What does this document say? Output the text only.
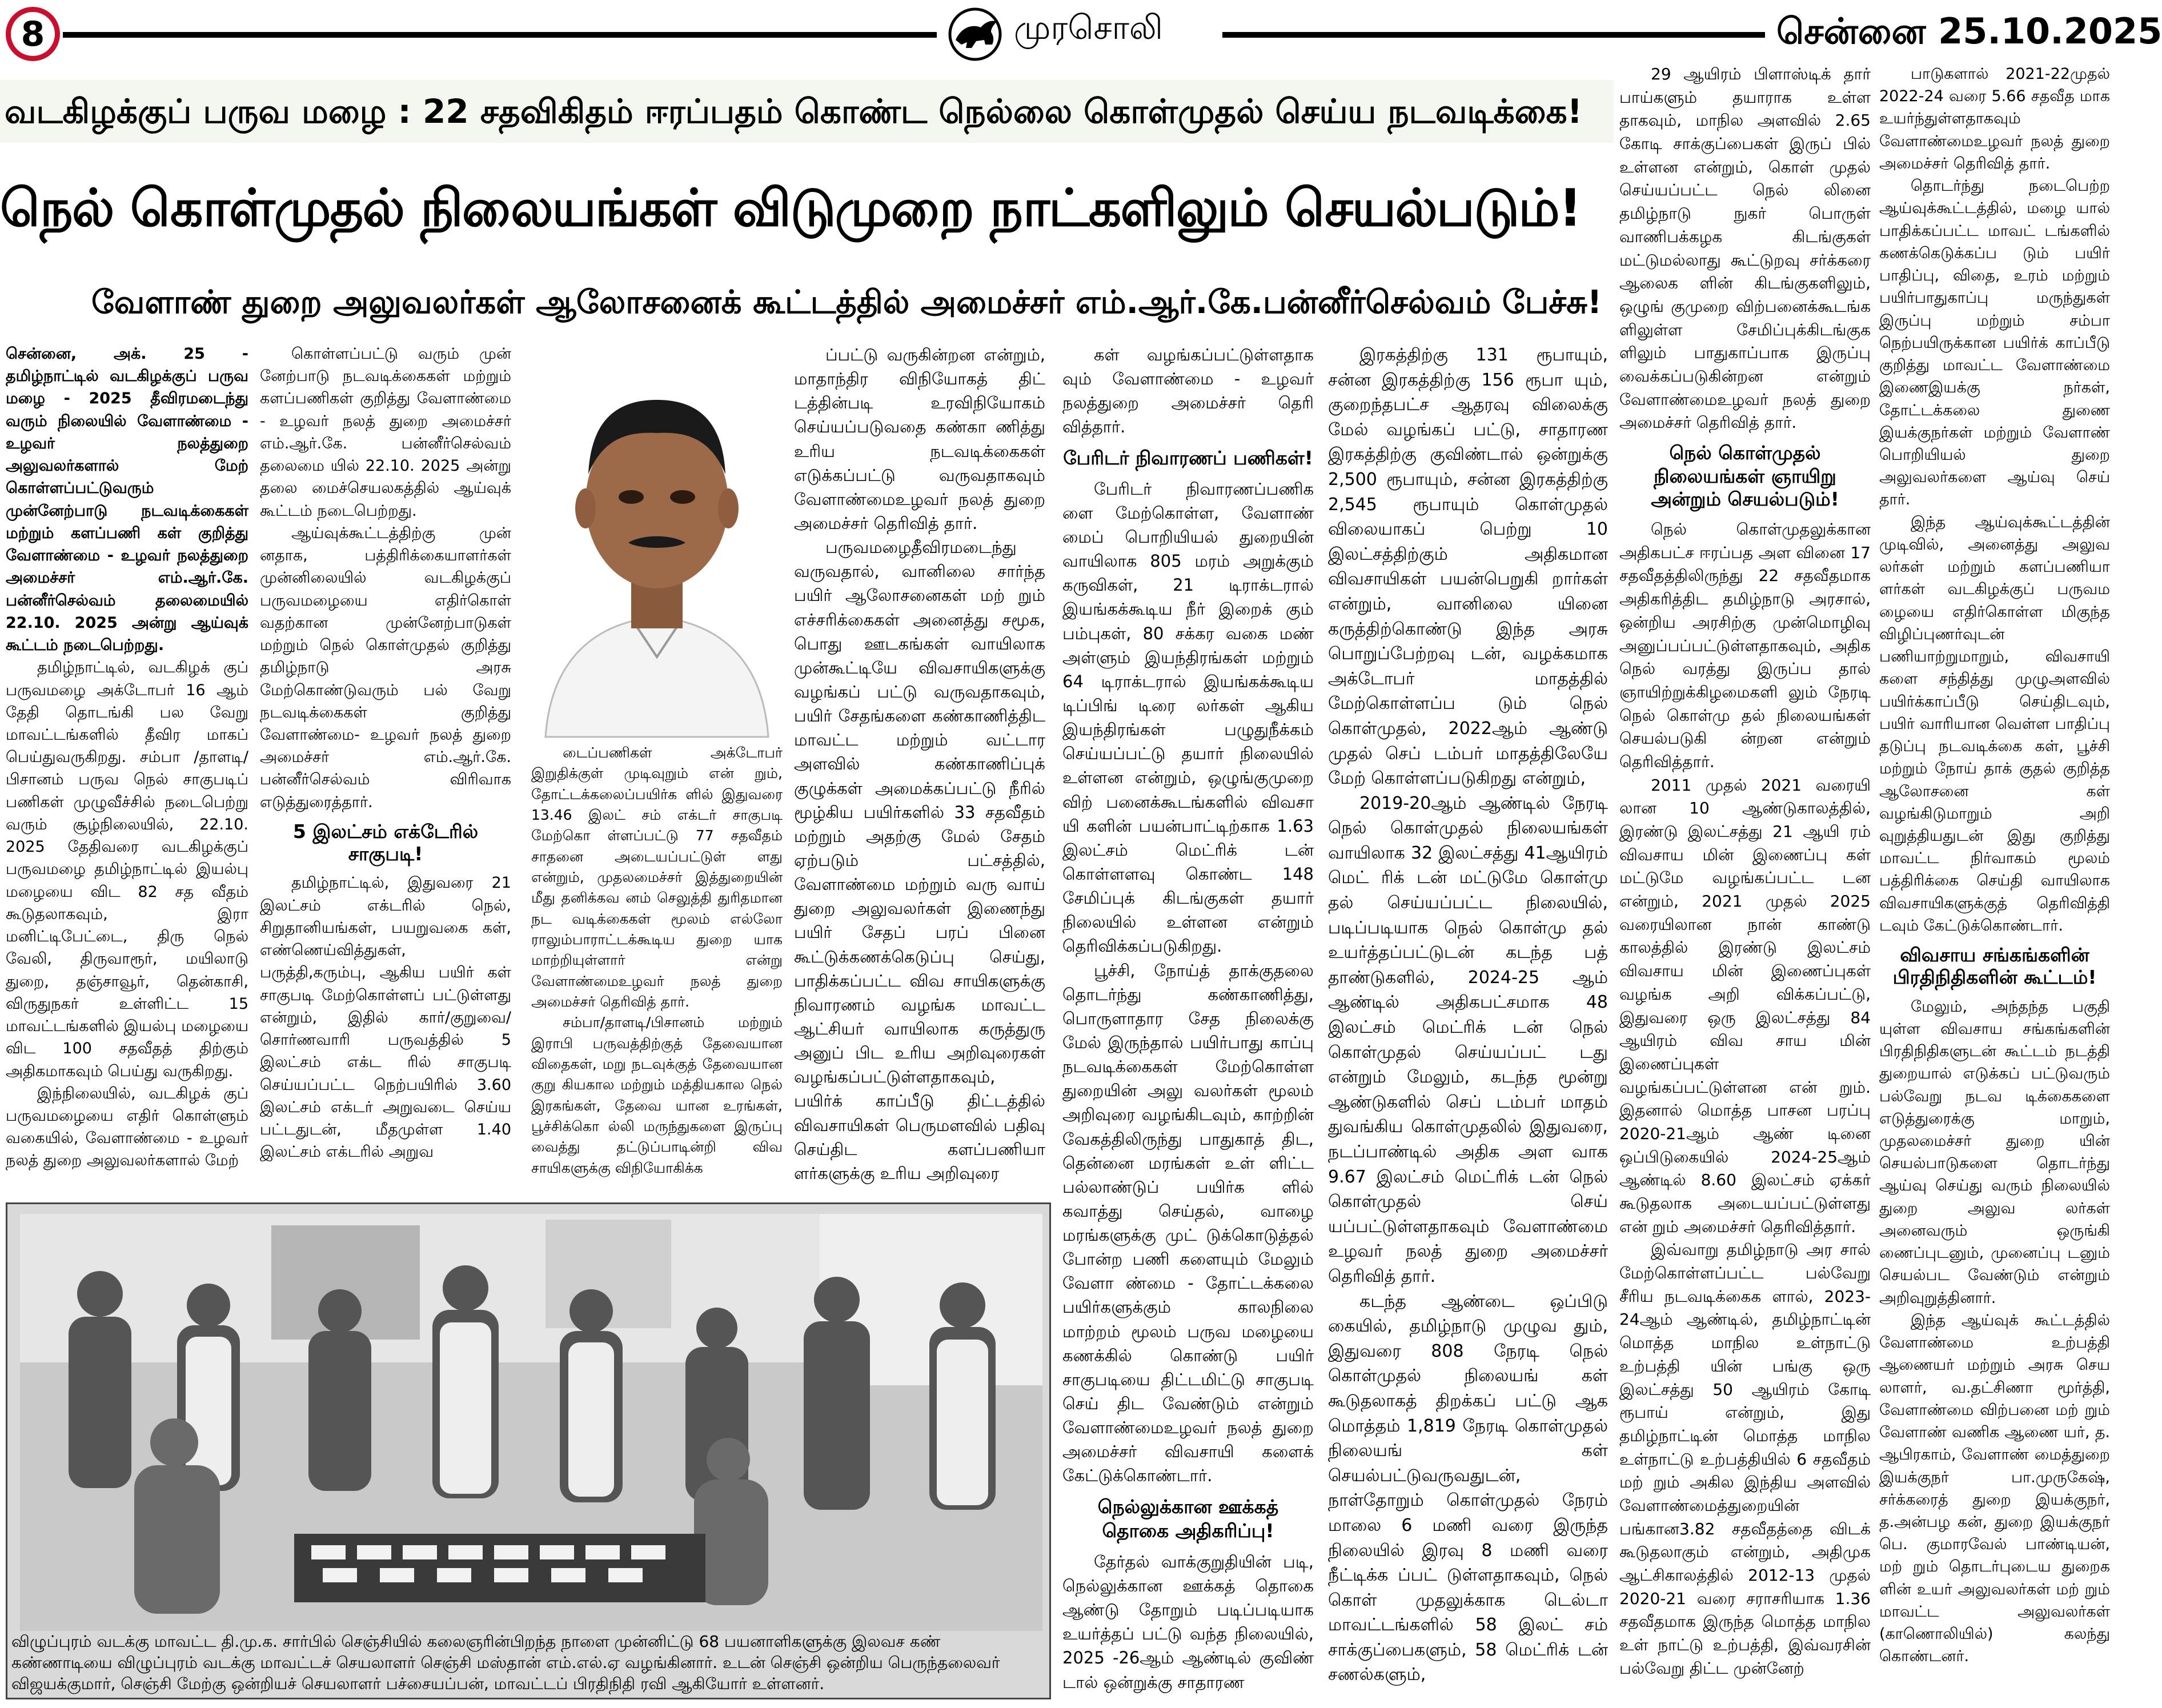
8	முரசொலி	சென்னை 25.10.2025
வடகிழக்குப் பருவ மழை : 22 சதவிகிதம் ஈரப்பதம் கொண்ட நெல்லை கொள்முதல் செய்ய நடவடிக்கை!
நெல் கொள்முதல் நிலையங்கள் விடுமுறை நாட்களிலும் செயல்படும்!
வேளாண் துறை அலுவலர்கள் ஆலோசனைக் கூட்டத்தில் அமைச்சர் எம்.ஆர்.கே.பன்னீர்செல்வம் பேச்சு!

சென்னை, அக். 25 - தமிழ்நாட்டில் வடகிழக்குப் பருவ மழை - 2025 தீவிரமடைந்து வரும் நிலையில் வேளாண்மை - உழவர் நலத்துறை அலுவலர்களால் மேற் கொள்ளப்பட்டுவரும் முன்னேற்பாடு நடவடிக்கைகள் மற்றும் களப்பணி கள் குறித்து வேளாண்மை - உழவர் நலத்துறை அமைச்சர் எம்.ஆர்.கே. பன்னீர்செல்வம் தலைமையில் 22.10. 2025 அன்று ஆய்வுக் கூட்டம் நடைபெற்றது.

தமிழ்நாட்டில், வடகிழக் குப் பருவமழை அக்டோபர் 16 ஆம் தேதி தொடங்கி பல வேறு மாவட்டங்களில் தீவிர மாகப் பெய்துவருகிறது. சம்பா /தாளடி/பிசானம் பருவ நெல் சாகுபடிப் பணிகள் முழுவீச்சில் நடைபெற்று வரும் சூழ்நிலையில், 22.10. 2025 தேதிவரை வடகிழக்குப் பருவமழை தமிழ்நாட்டில் இயல்பு மழையை விட 82 சத வீதம் கூடுதலாகவும், இரா மனிட்டிபேட்டை, திரு நெல் வேலி, திருவாரூர், மயிலாடு துறை, தஞ்சாவூர், தென்காசி, விருதுநகர் உள்ளிட்ட 15 மாவட்டங்களில் இயல்பு மழையை விட 100 சதவீதத் திற்கும் அதிகமாகவும் பெய்து வருகிறது.

இந்நிலையில், வடகிழக் குப் பருவமழையை எதிர் கொள்ளும் வகையில், வேளாண்மை - உழவர் நலத் துறை அலுவலர்களால் மேற்

கொள்ளப்பட்டு வரும் முன் னேற்பாடு நடவடிக்கைகள் மற்றும் களப்பணிகள் குறித்து வேளாண்மை - உழவர் நலத் துறை அமைச்சர் எம்.ஆர்.கே. பன்னீர்செல்வம் தலைமை யில் 22.10. 2025 அன்று தலை மைச்செயலகத்தில் ஆய்வுக் கூட்டம் நடைபெற்றது.

ஆய்வுக்கூட்டத்திற்கு முன் னதாக, பத்திரிக்கையாளர்கள் முன்னிலையில் வடகிழக்குப் பருவமழையை எதிர்கொள் வதற்கான முன்னேற்பாடுகள் மற்றும் நெல் கொள்முதல் குறித்து தமிழ்நாடு அரசு மேற்கொண்டுவரும் பல் வேறு நடவடிக்கைகள் குறித்து வேளாண்மை- உழவர் நலத் துறை அமைச்சர் எம்.ஆர்.கே. பன்னீர்செல்வம் விரிவாக எடுத்துரைத்தார்.

5 இலட்சம் எக்டேரில் சாகுபடி!

தமிழ்நாட்டில், இதுவரை 21 இலட்சம் எக்டரில் நெல், சிறுதானியங்கள், பயறுவகை கள், எண்ணெய்வித்துகள், பருத்தி,கரும்பு, ஆகிய பயிர் கள் சாகுபடி மேற்கொள்ளப் பட்டுள்ளது என்றும், இதில் கார்/குறுவை/சொர்ணவாரி பருவத்தில் 5 இலட்சம் எக்ட ரில் சாகுபடி செய்யப்பட்ட நெற்பயிரில் 3.60 இலட்சம் எக்டர் அறுவடை செய்ய பட்டதுடன், மீதமுள்ள 1.40 இலட்சம் எக்டரில் அறுவ

டைப்பணிகள் அக்டோபர் இறுதிக்குள் முடிவுறும் என் றும், தோட்டக்கலைப்பயிர்க ளில் இதுவரை 13.46 இலட் சம் எக்டர் சாகுபடி மேற்கொ ள்ளப்பட்டு 77 சதவீதம் சாதனை அடையப்பட்டுள் ளது என்றும், முதலமைச்சர் இத்துறையின் மீது தனிக்கவ னம் செலுத்தி துரிதமான நட வடிக்கைகள் மூலம் எல்லோ ராலும்பாராட்டக்கூடிய துறை யாக மாற்றியுள்ளார் என்று வேளாண்மைஉழவர் நலத் துறை அமைச்சர் தெரிவித் தார்.

சம்பா/தாளடி/பிசானம் மற்றும் இராபி பருவத்திற்குத் தேவையான விதைகள், மறு நடவுக்குத் தேவையான குறு கியகால மற்றும் மத்தியகால நெல் இரகங்கள், தேவை யான உரங்கள், பூச்சிக்கொ ல்லி மருந்துகளை இருப்பு வைத்து தட்டுப்பாடின்றி விவ சாயிகளுக்கு விநியோகிக்க

ப்பட்டு வருகின்றன என்றும், மாதாந்திர விநியோகத் திட் டத்தின்படி உரவிநியோகம் செய்யப்படுவதை கண்கா ணித்து உரிய நடவடிக்கைகள் எடுக்கப்பட்டு வருவதாகவும் வேளாண்மைஉழவர் நலத் துறை அமைச்சர் தெரிவித் தார்.

பருவமழைதீவிரமடைந்து வருவதால், வானிலை சார்ந்த பயிர் ஆலோசனைகள் மற் றும் எச்சரிக்கைகள் அனைத்து சமூக, பொது ஊடகங்கள் வாயிலாக முன்கூட்டியே விவசாயிகளுக்கு வழங்கப் பட்டு வருவதாகவும், பயிர் சேதங்களை கண்காணித்திட மாவட்ட மற்றும் வட்டார அளவில் கண்காணிப்புக் குழுக்கள் அமைக்கப்பட்டு நீரில் மூழ்கிய பயிர்களில் 33 சதவீதம் மற்றும் அதற்கு மேல் சேதம் ஏற்படும் பட்சத்தில், வேளாண்மை மற்றும் வரு வாய் துறை அலுவலர்கள் இணைந்து பயிர் சேதப் பரப் பினை கூட்டுக்கணக்கெடுப்பு செய்து, பாதிக்கப்பட்ட விவ சாயிகளுக்கு நிவாரணம் வழங்க மாவட்ட ஆட்சியர் வாயிலாக கருத்துரு அனுப் பிட உரிய அறிவுரைகள் வழங்கப்பட்டுள்ளதாகவும், பயிர்க் காப்பீடு திட்டத்தில் விவசாயிகள் பெருமளவில் பதிவு செய்திட களப்பணியா ளர்களுக்கு உரிய அறிவுரை

கள் வழங்கப்பட்டுள்ளதாக வும் வேளாண்மை - உழவர் நலத்துறை அமைச்சர் தெரி வித்தார்.

பேரிடர் நிவாரணப் பணிகள்!

பேரிடர் நிவாரணப்பணிக ளை மேற்கொள்ள, வேளாண் மைப் பொறியியல் துறையின் வாயிலாக 805 மரம் அறுக்கும் கருவிகள், 21 டிராக்டரால் இயங்கக்கூடிய நீர் இறைக் கும் பம்புகள், 80 சக்கர வகை மண் அள்ளும் இயந்திரங்கள் மற்றும் 64 டிராக்டரால் இயங்கக்கூடிய டிப்பிங் டிரை லர்கள் ஆகிய இயந்திரங்கள் பழுதுநீக்கம் செய்யப்பட்டு தயார் நிலையில் உள்ளன என்றும், ஒழுங்குமுறை விற் பனைக்கூடங்களில் விவசா யி களின் பயன்பாட்டிற்காக 1.63 இலட்சம் மெட்ரிக் டன் கொள்ளளவு கொண்ட 148 சேமிப்புக் கிடங்குகள் தயார் நிலையில் உள்ளன என்றும் தெரிவிக்கப்படுகிறது.

பூச்சி, நோய்த் தாக்குதலை தொடர்ந்து கண்காணித்து, பொருளாதார சேத நிலைக்கு மேல் இருந்தால் பயிர்பாது காப்பு நடவடிக்கைகள் மேற்கொள்ள துறையின் அலு வலர்கள் மூலம் அறிவுரை வழங்கிடவும், காற்றின் வேகத்திலிருந்து பாதுகாத் திட, தென்னை மரங்கள் உள் ளிட்ட பல்லாண்டுப் பயிர்க ளில் கவாத்து செய்தல், வாழை மரங்களுக்கு முட் டுக்கொடுத்தல் போன்ற பணி களையும் மேலும் வேளா ண்மை - தோட்டக்கலை பயிர்களுக்கும் காலநிலை மாற்றம் மூலம் பருவ மழையை கணக்கில் கொண்டு பயிர் சாகுபடியை திட்டமிட்டு சாகுபடி செய் திட வேண்டும் என்றும் வேளாண்மைஉழவர் நலத் துறை அமைச்சர் விவசாயி களைக் கேட்டுக்கொண்டார்.

நெல்லுக்கான ஊக்கத் தொகை அதிகரிப்பு!

தேர்தல் வாக்குறுதியின் படி, நெல்லுக்கான ஊக்கத் தொகை ஆண்டு தோறும் படிப்படியாக உயர்த்தப் பட்டு வந்த நிலையில், 2025 -26ஆம் ஆண்டில் குவிண் டால் ஒன்றுக்கு சாதாரண

இரகத்திற்கு 131 ரூபாயும், சன்ன இரகத்திற்கு 156 ரூபா யும், குறைந்தபட்ச ஆதரவு விலைக்கு மேல் வழங்கப் பட்டு, சாதாரண இரகத்திற்கு குவிண்டால் ஒன்றுக்கு 2,500 ரூபாயும், சன்ன இரகத்திற்கு 2,545 ரூபாயும் கொள்முதல் விலையாகப் பெற்று 10 இலட்சத்திற்கும் அதிகமான விவசாயிகள் பயன்பெறுகி றார்கள் என்றும், வானிலை யினை கருத்திற்கொண்டு இந்த அரசு பொறுப்பேற்றவு டன், வழக்கமாக அக்டோபர் மாதத்தில் மேற்கொள்ளப்ப டும் நெல் கொள்முதல், 2022ஆம் ஆண்டு முதல் செப் டம்பர் மாதத்திலேயே மேற் கொள்ளப்படுகிறது என்றும்,

2019-20ஆம் ஆண்டில் நேரடி நெல் கொள்முதல் நிலையங்கள் வாயிலாக 32 இலட்சத்து 41ஆயிரம் மெட் ரிக் டன் மட்டுமே கொள்மு தல் செய்யப்பட்ட நிலையில், படிப்படியாக நெல் கொள்மு தல் உயர்த்தப்பட்டுடன் கடந்த பத் தாண்டுகளில், 2024-25 ஆம் ஆண்டில் அதிகபட்சமாக 48 இலட்சம் மெட்ரிக் டன் நெல் கொள்முதல் செய்யப்பட் டது என்றும் மேலும், கடந்த மூன்று ஆண்டுகளில் செப் டம்பர் மாதம் துவங்கிய கொள்முதலில் இதுவரை, நடப்பாண்டில் அதிக அள வாக 9.67 இலட்சம் மெட்ரிக் டன் நெல் கொள்முதல் செய் யப்பட்டுள்ளதாகவும் வேளாண்மை உழவர் நலத் துறை அமைச்சர் தெரிவித் தார்.

கடந்த ஆண்டை ஒப்பிடு கையில், தமிழ்நாடு முழுவ தும், இதுவரை 808 நேரடி நெல் கொள்முதல் நிலையங் கள் கூடுதலாகத் திறக்கப் பட்டு ஆக மொத்தம் 1,819 நேரடி கொள்முதல் நிலையங் கள் செயல்பட்டுவருவதுடன், நாள்தோறும் கொள்முதல் நேரம் மாலை 6 மணி வரை இருந்த நிலையில் இரவு 8 மணி வரை நீட்டிக்க ப்பட் டுள்ளதாகவும், நெல் கொள் முதலுக்காக டெல்டா மாவட்டங்களில் 58 இலட் சம் சாக்குப்பைகளும், 58 மெட்ரிக் டன் சணல்களும்,

29 ஆயிரம் பிளாஸ்டிக் தார் பாய்களும் தயாராக உள்ள தாகவும், மாநில அளவில் 2.65 கோடி சாக்குப்பைகள் இருப் பில் உள்ளன என்றும், கொள் முதல் செய்யப்பட்ட நெல் லினை தமிழ்நாடு நுகர் பொருள் வாணிபக்கழக கிடங்குகள் மட்டுமல்லாது கூட்டுறவு சர்க்கரை ஆலைக ளின் கிடங்குகளிலும், ஒழுங் குமுறை விற்பனைக்கூடங்க ளிலுள்ள சேமிப்புக்கிடங்குக ளிலும் பாதுகாப்பாக இருப்பு வைக்கப்படுகின்றன என்றும் வேளாண்மைஉழவர் நலத் துறை அமைச்சர் தெரிவித் தார்.

நெல் கொள்முதல் நிலையங்கள் ஞாயிறு அன்றும் செயல்படும்!

நெல் கொள்முதலுக்கான அதிகபட்ச ஈரப்பத அள வினை 17 சதவீதத்திலிருந்து 22 சதவீதமாக அதிகரித்திட தமிழ்நாடு அரசால், ஒன்றிய அரசிற்கு முன்மொழிவு அனுப்பப்பட்டுள்ளதாகவும், அதிக நெல் வரத்து இருப்ப தால் ஞாயிற்றுக்கிழமைகளி லும் நேரடி நெல் கொள்மு தல் நிலையங்கள் செயல்படுகி ன்றன என்றும் தெரிவித்தார்.

2011 முதல் 2021 வரையி லான 10 ஆண்டுகாலத்தில், இரண்டு இலட்சத்து 21 ஆயி ரம் விவசாய மின் இணைப்பு கள் மட்டுமே வழங்கப்பட்ட டன என்றும், 2021 முதல் 2025 வரையிலான நான் காண்டு காலத்தில் இரண்டு இலட்சம் விவசாய மின் இணைப்புகள் வழங்க அறி விக்கப்பட்டு, இதுவரை ஒரு இலட்சத்து 84 ஆயிரம் விவ சாய மின் இணைப்புகள் வழங்கப்பட்டுள்ளன என் றும். இதனால் மொத்த பாசன பரப்பு 2020-21ஆம் ஆண் டினை ஒப்பிடுகையில் 2024-25ஆம் ஆண்டில் 8.60 இலட்சம் ஏக்கர் கூடுதலாக அடையப்பட்டுள்ளது என் றும் அமைச்சர் தெரிவித்தார்.

இவ்வாறு தமிழ்நாடு அர சால் மேற்கொள்ளப்பட்ட பல்வேறு சீரிய நடவடிக்கைக ளால், 2023-24ஆம் ஆண்டில், தமிழ்நாட்டின் மொத்த மாநில உள்நாட்டு உற்பத்தி யின் பங்கு ஒரு இலட்சத்து 50 ஆயிரம் கோடி ரூபாய் என்றும், இது தமிழ்நாட்டின் மொத்த மாநில உள்நாட்டு உற்பத்தியில் 6 சதவீதம் மற் றும் அகில இந்திய அளவில் வேளாண்மைத்துறையின் பங்கான3.82 சதவீதத்தை விடக் கூடுதலாகும் என்றும், அதிமுக ஆட்சிகாலத்தில் 2012-13 முதல் 2020-21 வரை சராசரியாக 1.36 சதவீதமாக இருந்த மொத்த மாநில உள் நாட்டு உற்பத்தி, இவ்வரசின் பல்வேறு திட்ட முன்னேற்

பாடுகளால் 2021-22முதல் 2022-24 வரை 5.66 சதவீத மாக உயர்ந்துள்ளதாகவும் வேளாண்மைஉழவர் நலத் துறை அமைச்சர் தெரிவித் தார்.

தொடர்ந்து நடைபெற்ற ஆய்வுக்கூட்டத்தில், மழை யால் பாதிக்கப்பட்ட மாவட் டங்களில் கணக்கெடுக்கப்ப டும் பயிர் பாதிப்பு, விதை, உரம் மற்றும் பயிர்பாதுகாப்பு மருந்துகள் இருப்பு மற்றும் சம்பா நெற்பயிருக்கான பயிர்க் காப்பீடு குறித்து மாவட்ட வேளாண்மை இணைஇயக்கு நர்கள், தோட்டக்கலை துணை இயக்குநர்கள் மற்றும் வேளாண் பொறியியல் துறை அலுவலர்களை ஆய்வு செய் தார்.

இந்த ஆய்வுக்கூட்டத்தின் முடிவில், அனைத்து அலுவ லர்கள் மற்றும் களப்பணியா ளர்கள் வடகிழக்குப் பருவம ழையை எதிர்கொள்ள மிகுந்த விழிப்புணர்வுடன் பணியாற்றுமாறும், விவசாயி களை சந்தித்து முழுஅளவில் பயிர்க்காப்பீடு செய்திடவும், பயிர் வாரியான வெள்ள பாதிப்பு தடுப்பு நடவடிக்கை கள், பூச்சி மற்றும் நோய் தாக் குதல் குறித்த ஆலோசனை கள் வழங்கிடுமாறும் அறி வுறுத்தியதுடன் இது குறித்து மாவட்ட நிர்வாகம் மூலம் பத்திரிக்கை செய்தி வாயிலாக விவசாயிகளுக்குத் தெரிவித்தி டவும் கேட்டுக்கொண்டார்.

விவசாய சங்கங்களின் பிரதிநிதிகளின் கூட்டம்!

மேலும், அந்தந்த பகுதி யுள்ள விவசாய சங்கங்களின் பிரதிநிதிகளுடன் கூட்டம் நடத்தி துறையால் எடுக்கப் பட்டுவரும் பல்வேறு நடவ டிக்கைகளை எடுத்துரைக்கு மாறும், முதலமைச்சர் துறை யின் செயல்பாடுகளை தொடர்ந்து ஆய்வு செய்து வரும் நிலையில் துறை அலுவ லர்கள் அனைவரும் ஒருங்கி ணைப்புடனும், முனைப்பு டனும் செயல்பட வேண்டும் என்றும் அறிவுறுத்தினார்.

இந்த ஆய்வுக் கூட்டத்தில் வேளாண்மை உற்பத்தி ஆணையர் மற்றும் அரசு செய லாளர், வ.தட்சிணா மூர்த்தி, வேளாண்மை விற்பனை மற் றும் வேளாண் வணிக ஆணை யர், த. ஆபிரகாம், வேளாண் மைத்துறை இயக்குநர் பா.முருகேஷ், சர்க்கரைத் துறை இயக்குநர், த.அன்பழ கன், துறை இயக்குநர் பெ. குமாரவேல் பாண்டியன், மற் றும் தொடர்புடைய துறைக ளின் உயர் அலுவலர்கள் மற் றும் மாவட்ட அலுவலர்கள் (காணொலியில்) கலந்து கொண்டனர்.

விழுப்புரம் வடக்கு மாவட்ட தி.மு.க. சார்பில் செஞ்சியில் கலைஞரின்பிறந்த நாளை முன்னிட்டு 68 பயனாளிகளுக்கு இலவச கண் கண்ணாடியை விழுப்புரம் வடக்கு மாவட்டச் செயலாளர் செஞ்சி மஸ்தான் எம்.எல்.ஏ வழங்கினார். உடன் செஞ்சி ஒன்றிய பெருந்தலைவர் விஜயக்குமார், செஞ்சி மேற்கு ஒன்றியச் செயலாளர் பச்சையப்பன், மாவட்டப் பிரதிநிதி ரவி ஆகியோர் உள்ளனர்.
